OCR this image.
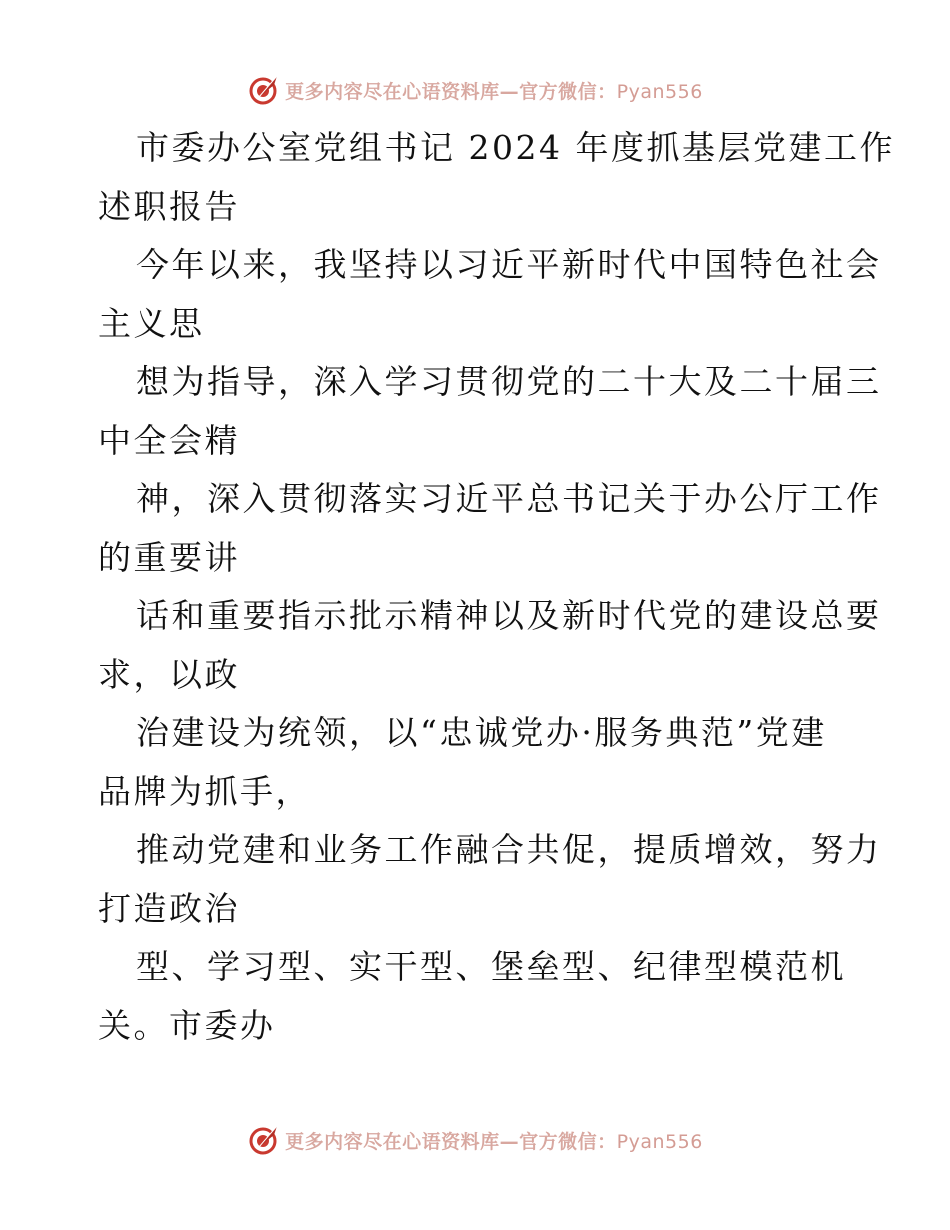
更多内容尽在心语资料库—官方微信：Pyan556
市委办公室党组书记 2024 年度抓基层党建工作
述职报告
今年以来，我坚持以习近平新时代中国特色社会
主义思
想为指导，深入学习贯彻党的二十大及二十届三
中全会精
神，深入贯彻落实习近平总书记关于办公厅工作
的重要讲
话和重要指示批示精神以及新时代党的建设总要
求，以政
治建设为统领，以“忠诚党办·服务典范”党建
品牌为抓手，
推动党建和业务工作融合共促，提质增效，努力
打造政治
型、学习型、实干型、堡垒型、纪律型模范机
关。市委办
更多内容尽在心语资料库—官方微信：Pyan556
